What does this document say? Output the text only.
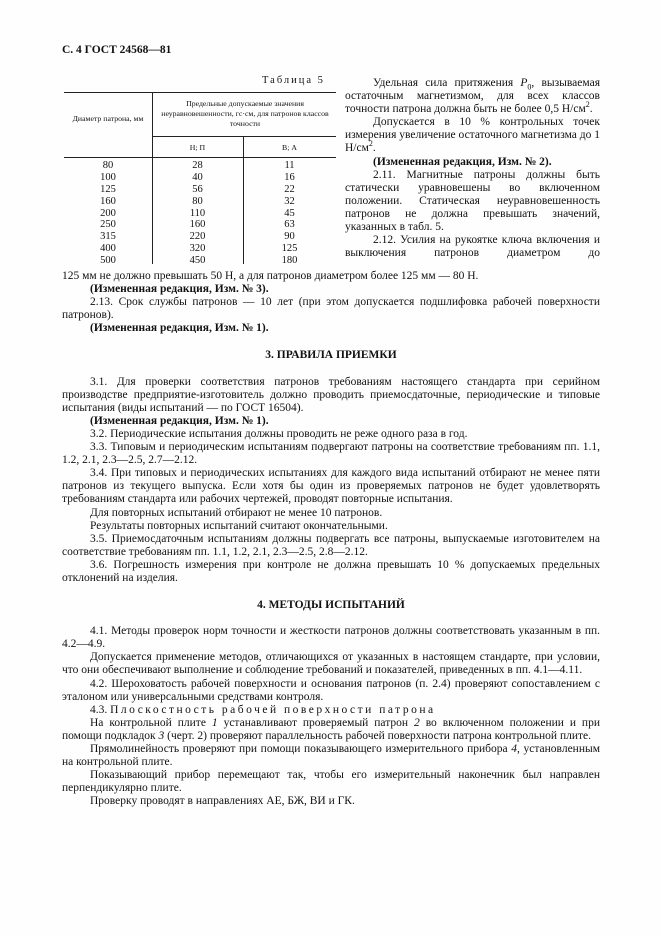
С. 4 ГОСТ 24568—81
Таблица 5
Диаметр патрона, мм
Предельные допускаемые значения неуравновешенности, гс·см, для патронов классов точности
Н; П	В; А
80
100
125
160
200
250
315
400
500
28
40
56
80
110
160
220
320
450
11
16
22
32
45
63
90
125
180

Удельная сила притяжения $P_0$, вызываемая остаточным магнетизмом, для всех классов точности патрона должна быть не более 0,5 $Н/см^2$.

Допускается в 10 % контрольных точек измерения увеличение остаточного магнетизма до 1 $Н/см^2$.

(Измененная редакция, Изм. № 2).

2.11. Магнитные патроны должны быть статически уравновешены во включенном положении. Статическая неуравновешенность патронов не должна превышать значений, указанных в табл. 5.

2.12. Усилия на рукоятке ключа включения и выключения патронов диаметром до

125 мм не должно превышать 50 Н, а для патронов диаметром более 125 мм — 80 Н.

(Измененная редакция, Изм. № 3).

2.13. Срок службы патронов — 10 лет (при этом допускается подшлифовка рабочей поверхности патронов).

(Измененная редакция, Изм. № 1).

3. ПРАВИЛА ПРИЕМКИ

3.1. Для проверки соответствия патронов требованиям настоящего стандарта при серийном производстве предприятие-изготовитель должно проводить приемосдаточные, периодические и типовые испытания (виды испытаний — по ГОСТ 16504).

(Измененная редакция, Изм. № 1).

3.2. Периодические испытания должны проводить не реже одного раза в год.

3.3. Типовым и периодическим испытаниям подвергают патроны на соответствие требованиям пп. 1.1, 1.2, 2.1, 2.3—2.5, 2.7—2.12.

3.4. При типовых и периодических испытаниях для каждого вида испытаний отбирают не менее пяти патронов из текущего выпуска. Если хотя бы один из проверяемых патронов не будет удовлетворять требованиям стандарта или рабочих чертежей, проводят повторные испытания.

Для повторных испытаний отбирают не менее 10 патронов.

Результаты повторных испытаний считают окончательными.

3.5. Приемосдаточным испытаниям должны подвергать все патроны, выпускаемые изготовителем на соответствие требованиям пп. 1.1, 1.2, 2.1, 2.3—2.5, 2.8—2.12.

3.6. Погрешность измерения при контроле не должна превышать 10 % допускаемых предельных отклонений на изделия.

4. МЕТОДЫ ИСПЫТАНИЙ

4.1. Методы проверок норм точности и жесткости патронов должны соответствовать указанным в пп. 4.2—4.9.

Допускается применение методов, отличающихся от указанных в настоящем стандарте, при условии, что они обеспечивают выполнение и соблюдение требований и показателей, приведенных в пп. 4.1—4.11.

4.2. Шероховатость рабочей поверхности и основания патронов (п. 2.4) проверяют сопоставлением с эталоном или универсальными средствами контроля.

4.3. Плоскостность рабочей поверхности патрона

На контрольной плите 1 устанавливают проверяемый патрон 2 во включенном положении и при помощи подкладок 3 (черт. 2) проверяют параллельность рабочей поверхности патрона контрольной плите.

Прямолинейность проверяют при помощи показывающего измерительного прибора 4, установленным на контрольной плите.

Показывающий прибор перемещают так, чтобы его измерительный наконечник был направлен перпендикулярно плите.

Проверку проводят в направлениях АЕ, БЖ, ВИ и ГК.
